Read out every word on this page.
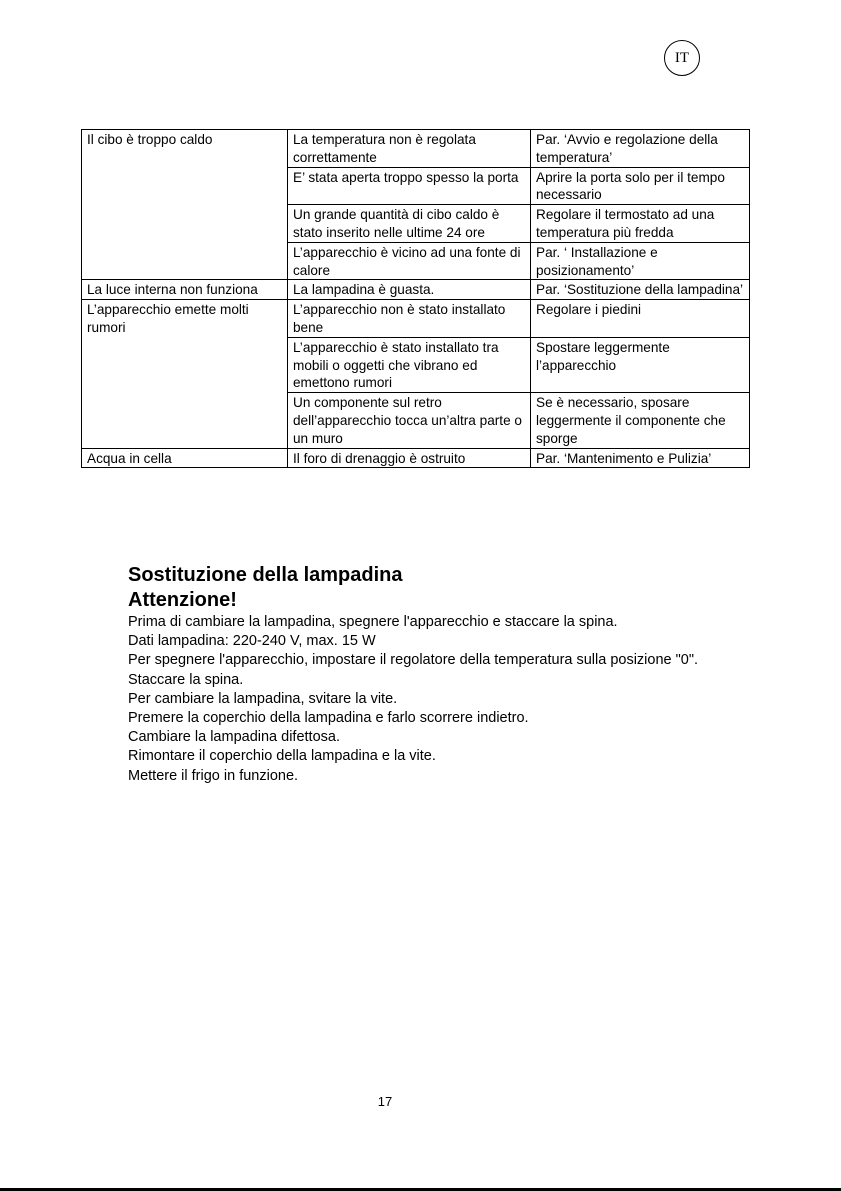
IT
Il cibo è troppo caldo	La temperatura non è regolata correttamente	Par. ‘Avvio e regolazione della temperatura’
	E’ stata aperta troppo spesso la porta	Aprire la porta solo per il tempo necessario
	Un grande quantità di cibo caldo è stato inserito nelle ultime 24 ore	Regolare il termostato ad una temperatura più fredda
	L’apparecchio è vicino ad una fonte di calore	Par. ‘ Installazione e posizionamento’
La luce interna non funziona	La lampadina è guasta.	Par. ‘Sostituzione della lampadina’
L’apparecchio emette molti rumori	L’apparecchio non è stato installato bene	Regolare i piedini
	L’apparecchio è stato installato tra mobili o oggetti che vibrano ed emettono rumori	Spostare leggermente l’apparecchio
	Un componente sul retro dell’apparecchio tocca un’altra parte o un muro	Se è necessario, sposare leggermente il componente che sporge
Acqua in cella	Il foro di drenaggio è ostruito	Par. ‘Mantenimento e Pulizia’
Sostituzione della lampadina
Attenzione!

Prima di cambiare la lampadina, spegnere l'apparecchio e staccare la spina.

Dati lampadina: 220-240 V, max. 15 W

Per spegnere l'apparecchio, impostare il regolatore della temperatura sulla posizione "0".

Staccare la spina.

Per cambiare la lampadina, svitare la vite.

Premere la coperchio della lampadina e farlo scorrere indietro.

Cambiare la lampadina difettosa.

Rimontare il coperchio della lampadina e la vite.

Mettere il frigo in funzione.

17
